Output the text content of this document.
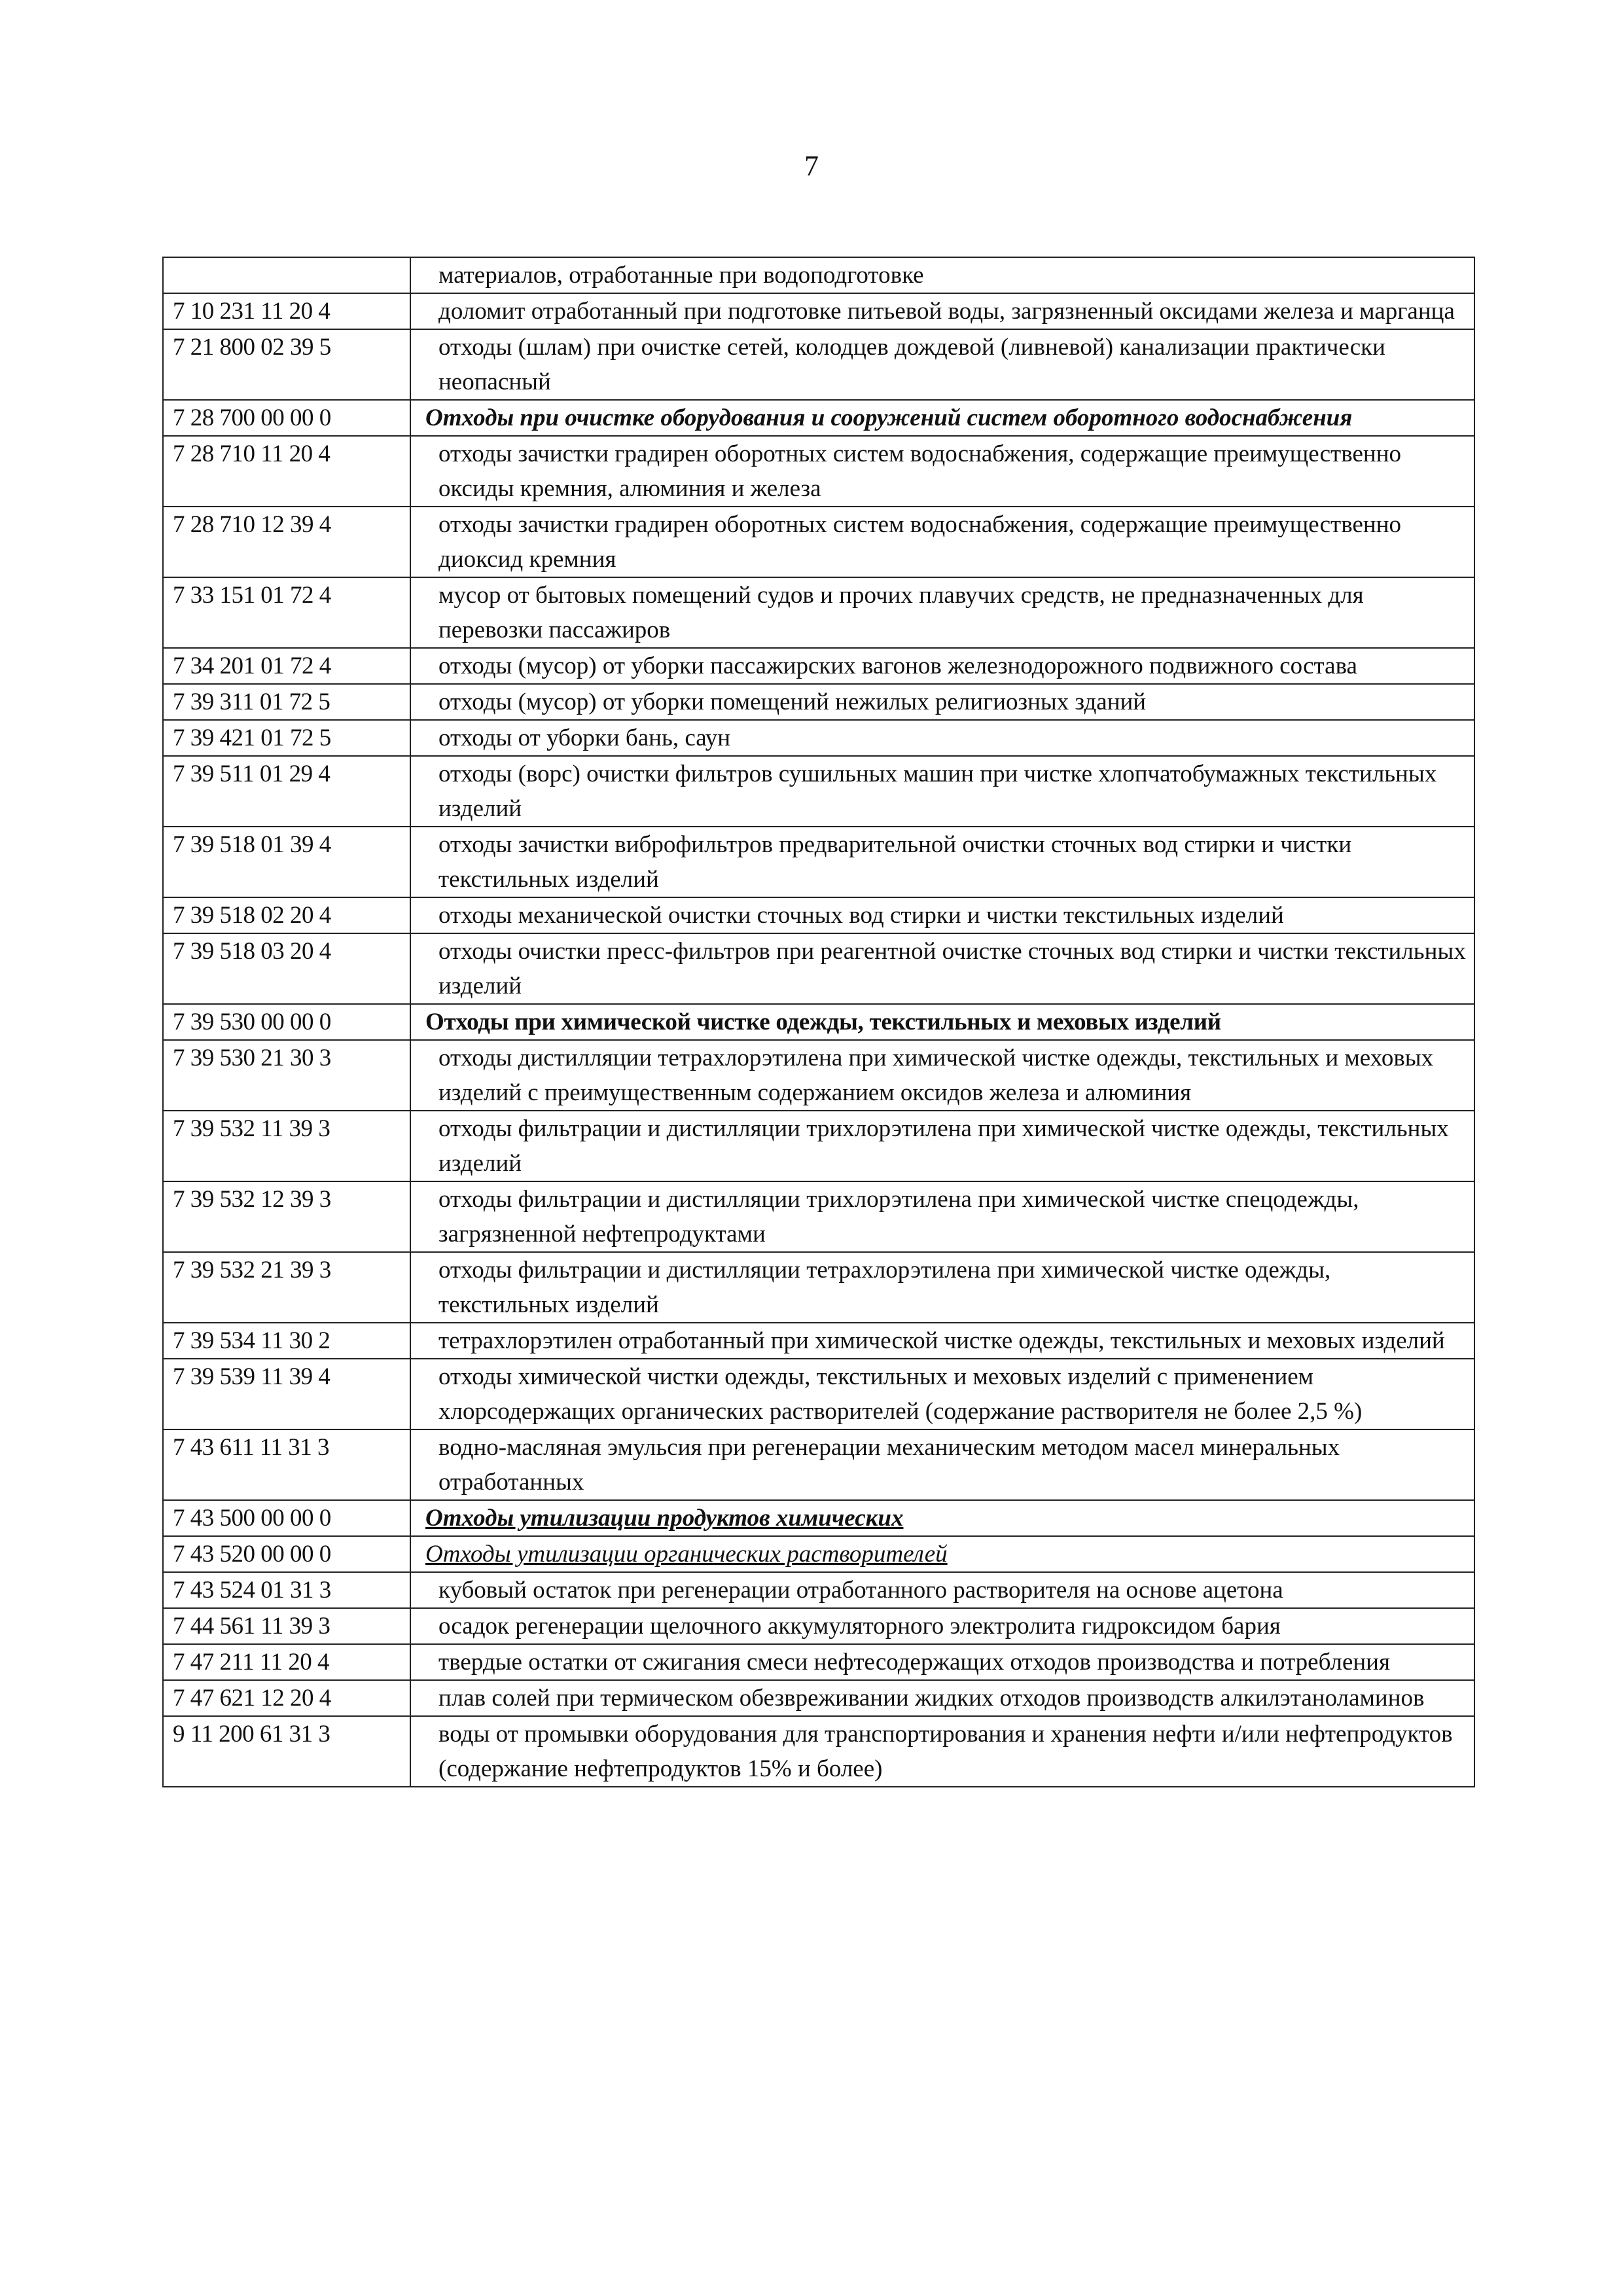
7
	материалов, отработанные при водоподготовке
7 10 231 11 20 4	доломит отработанный при подготовке питьевой воды, загрязненный оксидами железа и марганца
7 21 800 02 39 5	отходы (шлам) при очистке сетей, колодцев дождевой (ливневой) канализации практически неопасный
7 28 700 00 00 0	Отходы при очистке оборудования и сооружений систем оборотного водоснабжения
7 28 710 11 20 4	отходы зачистки градирен оборотных систем водоснабжения, содержащие преимущественно оксиды кремния, алюминия и железа
7 28 710 12 39 4	отходы зачистки градирен оборотных систем водоснабжения, содержащие преимущественно диоксид кремния
7 33 151 01 72 4	мусор от бытовых помещений судов и прочих плавучих средств, не предназначенных для перевозки пассажиров
7 34 201 01 72 4	отходы (мусор) от уборки пассажирских вагонов железнодорожного подвижного состава
7 39 311 01 72 5	отходы (мусор) от уборки помещений нежилых религиозных зданий
7 39 421 01 72 5	отходы от уборки бань, саун
7 39 511 01 29 4	отходы (ворс) очистки фильтров сушильных машин при чистке хлопчатобумажных текстильных изделий
7 39 518 01 39 4	отходы зачистки виброфильтров предварительной очистки сточных вод стирки и чистки текстильных изделий
7 39 518 02 20 4	отходы механической очистки сточных вод стирки и чистки текстильных изделий
7 39 518 03 20 4	отходы очистки пресс-фильтров при реагентной очистке сточных вод стирки и чистки текстильных изделий
7 39 530 00 00 0	Отходы при химической чистке одежды, текстильных и меховых изделий
7 39 530 21 30 3	отходы дистилляции тетрахлорэтилена при химической чистке одежды, текстильных и меховых изделий с преимущественным содержанием оксидов железа и алюминия
7 39 532 11 39 3	отходы фильтрации и дистилляции трихлорэтилена при химической чистке одежды, текстильных изделий
7 39 532 12 39 3	отходы фильтрации и дистилляции трихлорэтилена при химической чистке спецодежды, загрязненной нефтепродуктами
7 39 532 21 39 3	отходы фильтрации и дистилляции тетрахлорэтилена при химической чистке одежды, текстильных изделий
7 39 534 11 30 2	тетрахлорэтилен отработанный при химической чистке одежды, текстильных и меховых изделий
7 39 539 11 39 4	отходы химической чистки одежды, текстильных и меховых изделий с применением хлорсодержащих органических растворителей (содержание растворителя не более 2,5 %)
7 43 611 11 31 3	водно-масляная эмульсия при регенерации механическим методом масел минеральных отработанных
7 43 500 00 00 0	Отходы утилизации продуктов химических
7 43 520 00 00 0	Отходы утилизации органических растворителей
7 43 524 01 31 3	кубовый остаток при регенерации отработанного растворителя на основе ацетона
7 44 561 11 39 3	осадок регенерации щелочного аккумуляторного электролита гидроксидом бария
7 47 211 11 20 4	твердые остатки от сжигания смеси нефтесодержащих отходов производства и потребления
7 47 621 12 20 4	плав солей при термическом обезвреживании жидких отходов производств алкилэтаноламинов
9 11 200 61 31 3	воды от промывки оборудования для транспортирования и хранения нефти и/или нефтепродуктов (содержание нефтепродуктов 15% и более)
